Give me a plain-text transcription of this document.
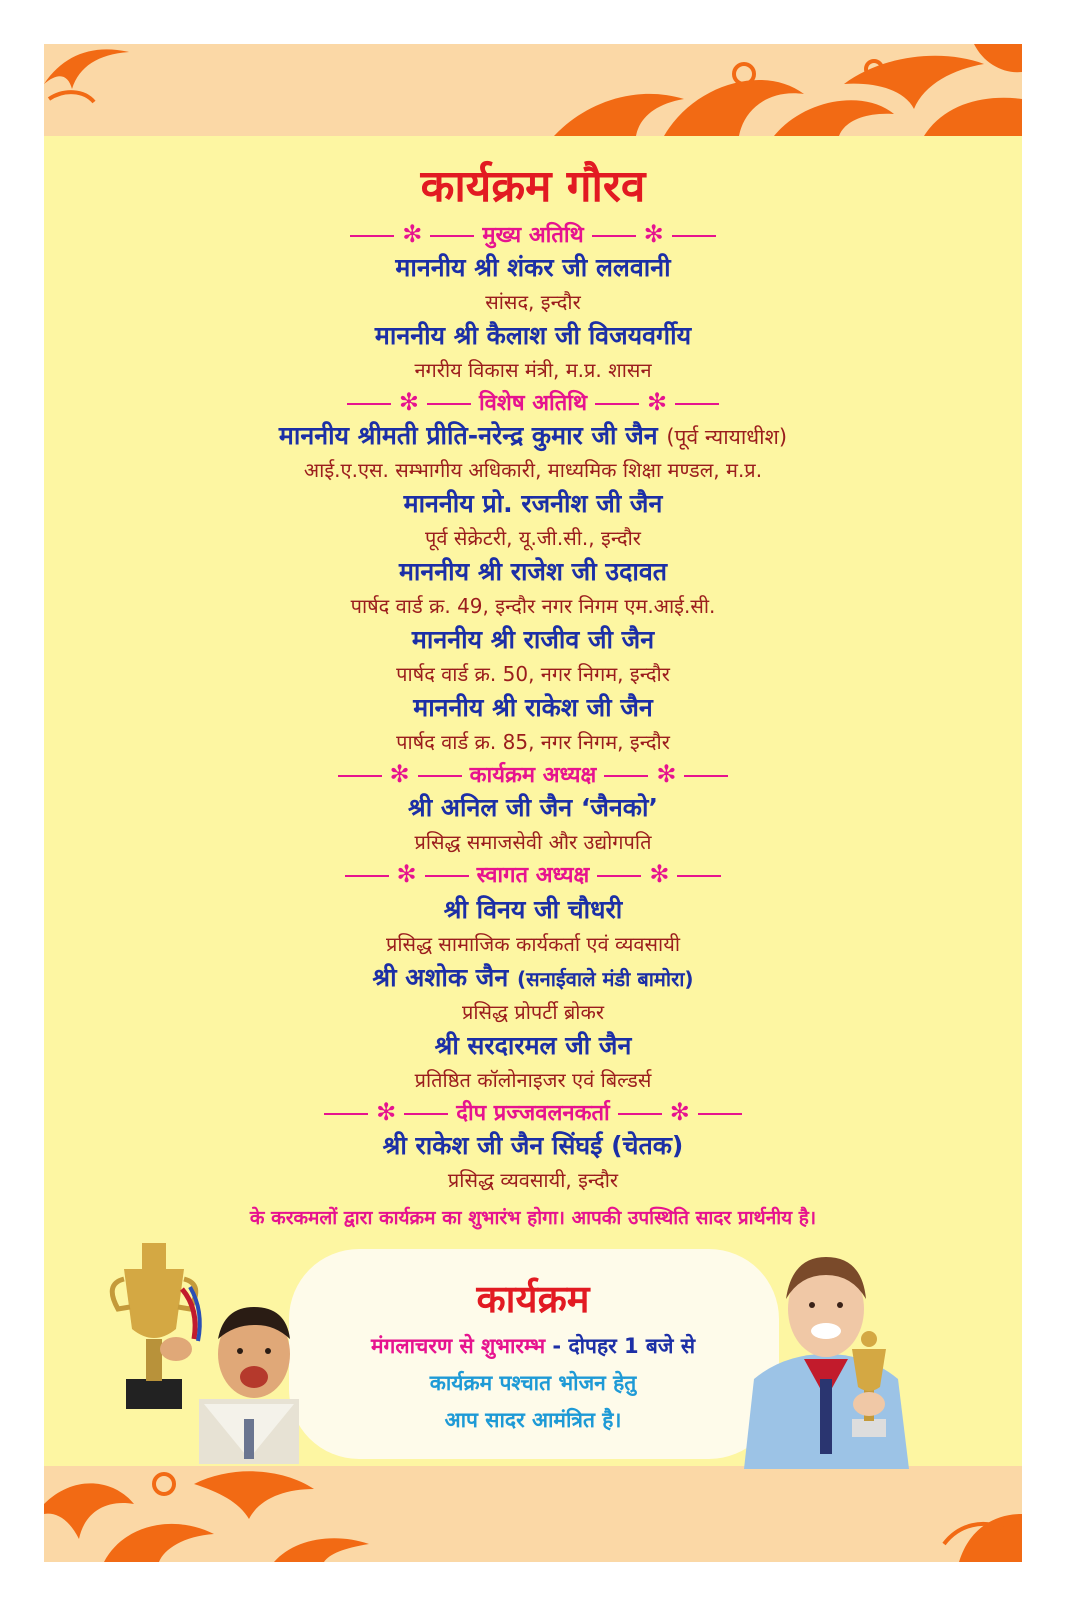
कार्यक्रम गौरव
✻	मुख्य अतिथि	✻
माननीय श्री शंकर जी ललवानी
सांसद, इन्दौर
माननीय श्री कैलाश जी विजयवर्गीय
नगरीय विकास मंत्री, म.प्र. शासन
✻	विशेष अतिथि	✻
माननीय श्रीमती प्रीति-नरेन्द्र कुमार जी जैन (पूर्व न्यायाधीश)
आई.ए.एस. सम्भागीय अधिकारी, माध्यमिक शिक्षा मण्डल, म.प्र.
माननीय प्रो. रजनीश जी जैन
पूर्व सेक्रेटरी, यू.जी.सी., इन्दौर
माननीय श्री राजेश जी उदावत
पार्षद वार्ड क्र. 49, इन्दौर नगर निगम एम.आई.सी.
माननीय श्री राजीव जी जैन
पार्षद वार्ड क्र. 50, नगर निगम, इन्दौर
माननीय श्री राकेश जी जैन
पार्षद वार्ड क्र. 85, नगर निगम, इन्दौर
✻	कार्यक्रम अध्यक्ष	✻
श्री अनिल जी जैन ‘जैनको’
प्रसिद्ध समाजसेवी और उद्योगपति
✻	स्वागत अध्यक्ष	✻
श्री विनय जी चौधरी
प्रसिद्ध सामाजिक कार्यकर्ता एवं व्यवसायी
श्री अशोक जैन (सनाईवाले मंडी बामोरा)
प्रसिद्ध प्रोपर्टी ब्रोकर
श्री सरदारमल जी जैन
प्रतिष्ठित कॉलोनाइजर एवं बिल्डर्स
✻	दीप प्रज्जवलनकर्ता	✻
श्री राकेश जी जैन सिंघई (चेतक)
प्रसिद्ध व्यवसायी, इन्दौर
के करकमलों द्वारा कार्यक्रम का शुभारंभ होगा। आपकी उपस्थिति सादर प्रार्थनीय है।
कार्यक्रम
मंगलाचरण से शुभारम्भ - दोपहर 1 बजे से
कार्यक्रम पश्चात भोजन हेतु
आप सादर आमंत्रित है।
